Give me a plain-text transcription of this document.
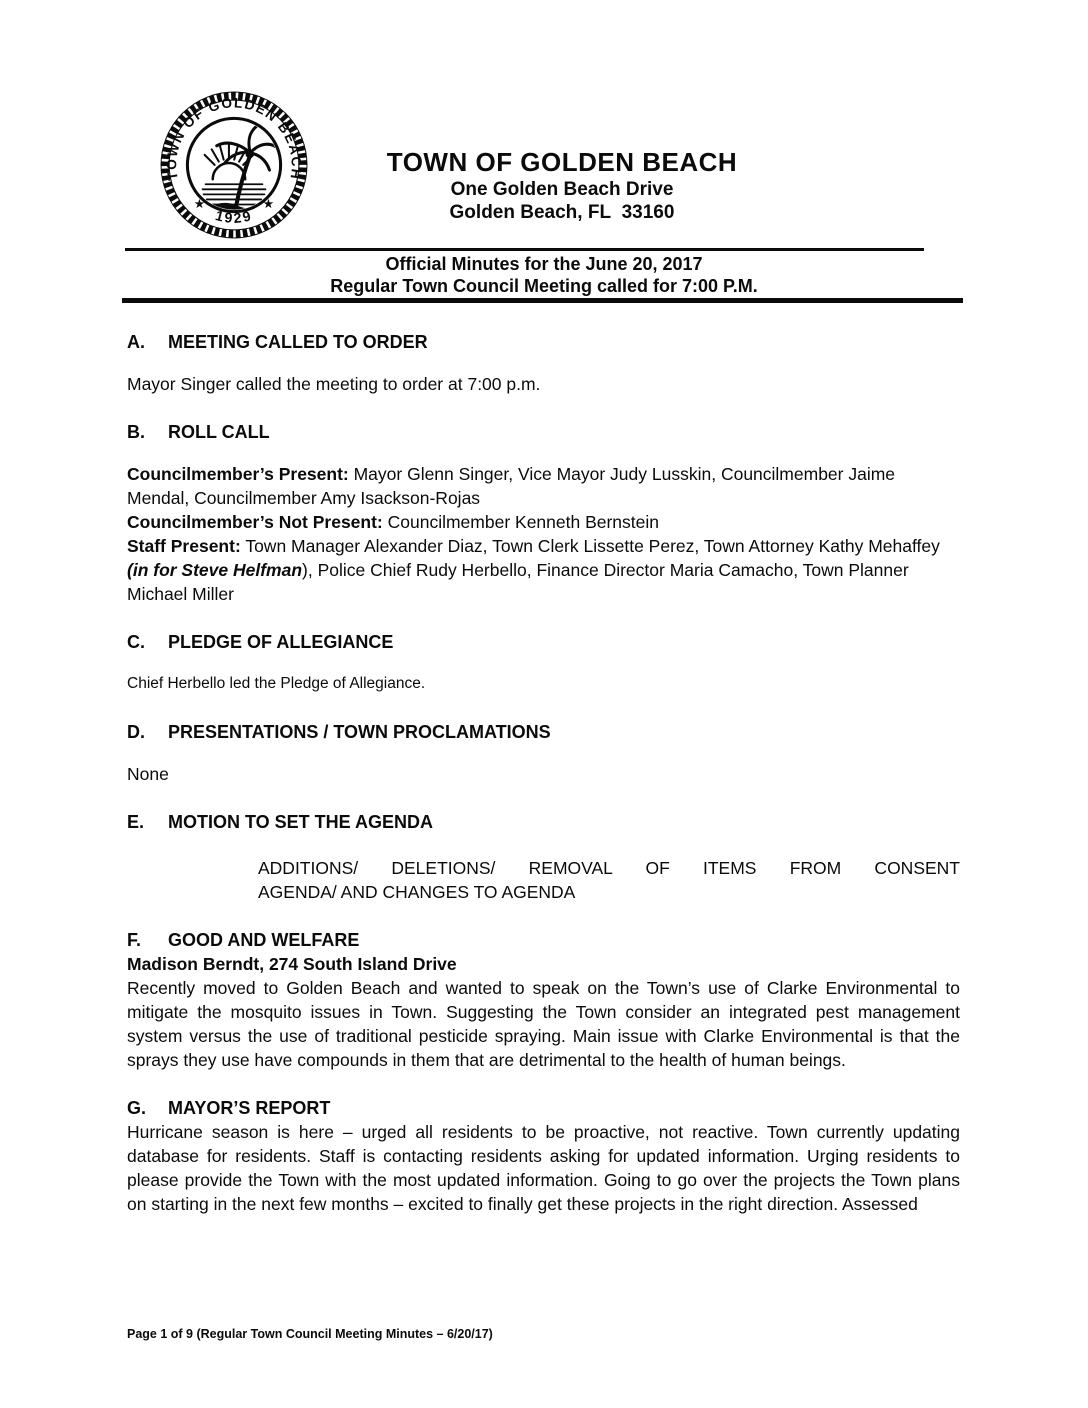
TOWN OF GOLDEN BEACH
1929
★	★
TOWN OF GOLDEN BEACH
One Golden Beach Drive
Golden Beach, FL  33160
Official Minutes for the June 20, 2017
Regular Town Council Meeting called for 7:00 P.M.
A. MEETING CALLED TO ORDER

Mayor Singer called the meeting to order at 7:00 p.m.

B. ROLL CALL

Councilmember’s Present: Mayor Glenn Singer, Vice Mayor Judy Lusskin, Councilmember Jaime Mendal, Councilmember Amy Isackson-Rojas

Councilmember’s Not Present: Councilmember Kenneth Bernstein

Staff Present: Town Manager Alexander Diaz, Town Clerk Lissette Perez, Town Attorney Kathy Mehaffey (in for Steve Helfman), Police Chief Rudy Herbello, Finance Director Maria Camacho, Town Planner Michael Miller

C. PLEDGE OF ALLEGIANCE

Chief Herbello led the Pledge of Allegiance.

D. PRESENTATIONS / TOWN PROCLAMATIONS

None

E. MOTION TO SET THE AGENDA
ADDITIONS/ DELETIONS/ REMOVAL OF ITEMS FROM CONSENT
AGENDA/ AND CHANGES TO AGENDA
F. GOOD AND WELFARE

Madison Berndt, 274 South Island Drive

Recently moved to Golden Beach and wanted to speak on the Town’s use of Clarke Environmental to mitigate the mosquito issues in Town. Suggesting the Town consider an integrated pest management system versus the use of traditional pesticide spraying. Main issue with Clarke Environmental is that the sprays they use have compounds in them that are detrimental to the health of human beings.

G. MAYOR’S REPORT

Hurricane season is here – urged all residents to be proactive, not reactive. Town currently updating database for residents. Staff is contacting residents asking for updated information. Urging residents to please provide the Town with the most updated information. Going to go over the projects the Town plans on starting in the next few months – excited to finally get these projects in the right direction. Assessed

Page 1 of 9 (Regular Town Council Meeting Minutes – 6/20/17)
